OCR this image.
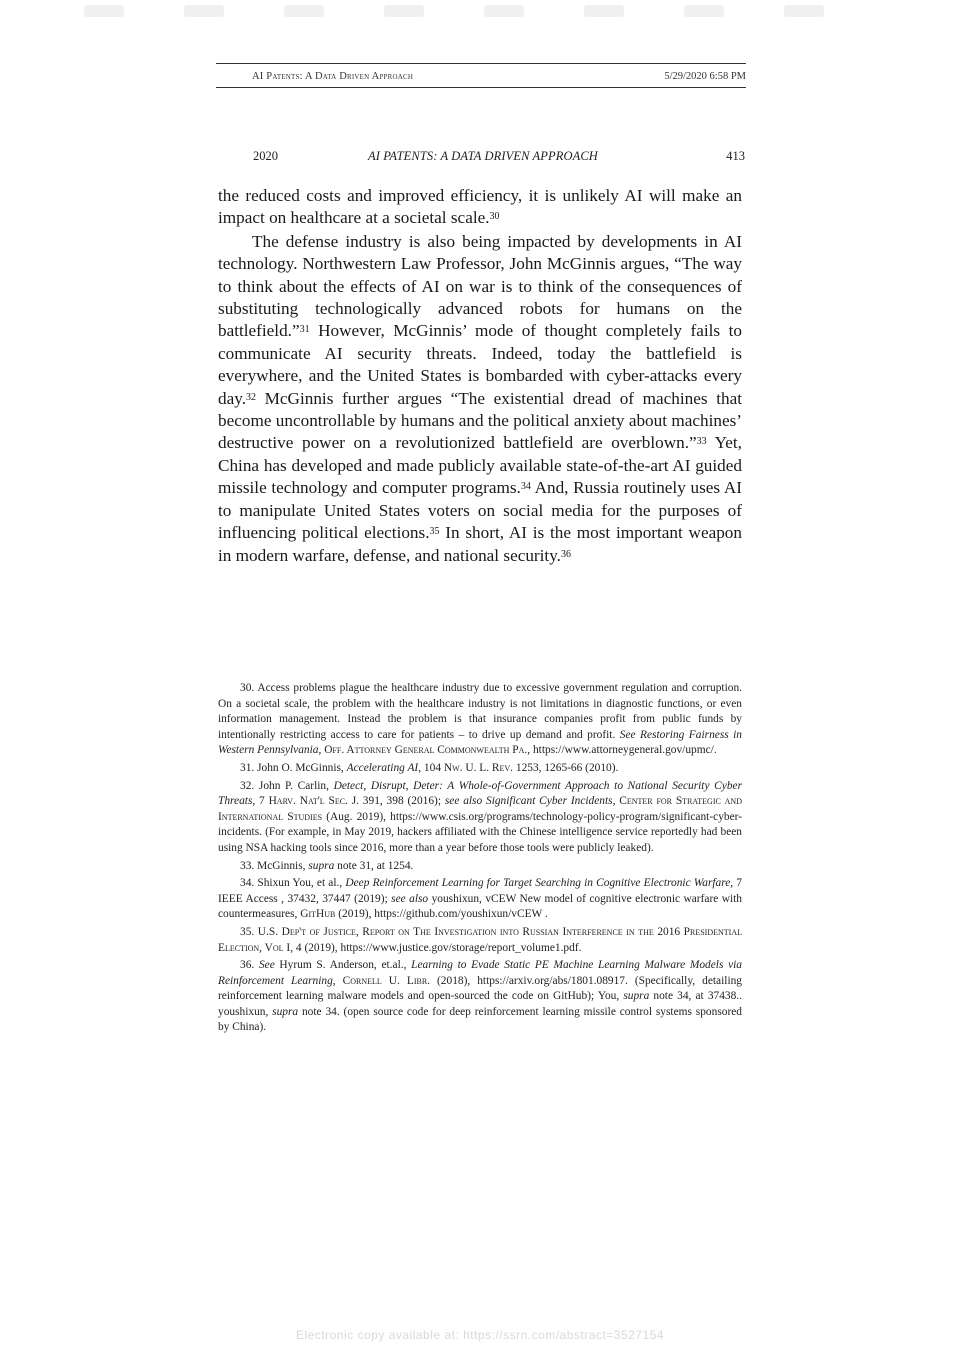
AI Patents: A Data Driven Approach	5/29/2020 6:58 PM
2020	AI PATENTS: A DATA DRIVEN APPROACH	413

the reduced costs and improved efficiency, it is unlikely AI will make an impact on healthcare at a societal scale.$^{30}$

The defense industry is also being impacted by developments in AI technology. Northwestern Law Professor, John McGinnis argues, “The way to think about the effects of AI on war is to think of the consequences of substituting technologically advanced robots for humans on the battlefield.”$^{31}$ However, McGinnis’ mode of thought completely fails to communicate AI security threats. Indeed, today the battlefield is everywhere, and the United States is bombarded with cyber-attacks every day.$^{32}$ McGinnis further argues “The existential dread of machines that become uncontrollable by humans and the political anxiety about machines’ destructive power on a revolutionized battlefield are overblown.”$^{33}$ Yet, China has developed and made publicly available state-of-the-art AI guided missile technology and computer programs.$^{34}$ And, Russia routinely uses AI to manipulate United States voters on social media for the purposes of influencing political elections.$^{35}$ In short, AI is the most important weapon in modern warfare, defense, and national security.$^{36}$

30. Access problems plague the healthcare industry due to excessive government regulation and corruption. On a societal scale, the problem with the healthcare industry is not limitations in diagnostic functions, or even information management. Instead the problem is that insurance companies profit from public funds by intentionally restricting access to care for patients – to drive up demand and profit. See Restoring Fairness in Western Pennsylvania, Off. Attorney General Commonwealth Pa., https://www.attorneygeneral.gov/upmc/.

31. John O. McGinnis, Accelerating AI, 104 Nw. U. L. Rev. 1253, 1265-66 (2010).

32. John P. Carlin, Detect, Disrupt, Deter: A Whole-of-Government Approach to National Security Cyber Threats, 7 Harv. Nat'l Sec. J. 391, 398 (2016); see also Significant Cyber Incidents, Center for Strategic and International Studies (Aug. 2019), https://www.csis.org/programs/technology-policy-program/significant-cyber-incidents. (For example, in May 2019, hackers affiliated with the Chinese intelligence service reportedly had been using NSA hacking tools since 2016, more than a year before those tools were publicly leaked).

33. McGinnis, supra note 31, at 1254.

34. Shixun You, et al., Deep Reinforcement Learning for Target Searching in Cognitive Electronic Warfare, 7 IEEE Access , 37432, 37447 (2019); see also youshixun, vCEW New model of cognitive electronic warfare with countermeasures, GitHub (2019), https://github.com/youshixun/vCEW .

35. U.S. Dep't of Justice, Report on The Investigation into Russian Interference in the 2016 Presidential Election, Vol I, 4 (2019), https://www.justice.gov/storage/report_volume1.pdf.

36. See Hyrum S. Anderson, et.al., Learning to Evade Static PE Machine Learning Malware Models via Reinforcement Learning, Cornell U. Libr. (2018), https://arxiv.org/abs/1801.08917. (Specifically, detailing reinforcement learning malware models and open-sourced the code on GitHub); You, supra note 34, at 37438.. youshixun, supra note 34. (open source code for deep reinforcement learning missile control systems sponsored by China).

Electronic copy available at: https://ssrn.com/abstract=3527154
